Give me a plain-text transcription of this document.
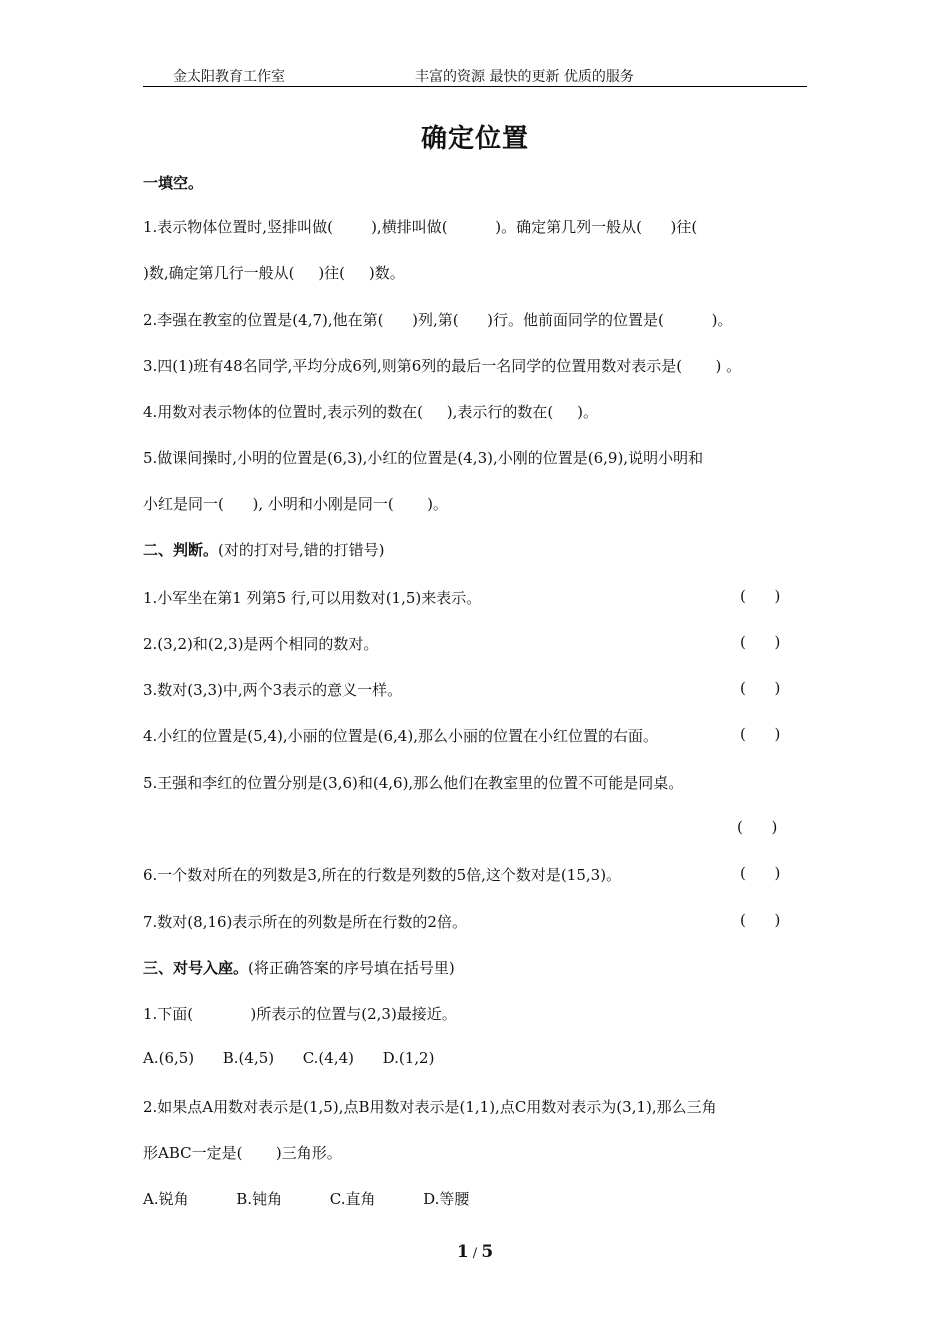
金太阳教育工作室	丰富的资源 最快的更新 优质的服务
确定位置
一填空。
1.表示物体位置时,竖排叫做(        ),横排叫做(          )。确定第几列一般从(      )往(
)数,确定第几行一般从(     )往(     )数。
2.李强在教室的位置是(4,7),他在第(      )列,第(      )行。他前面同学的位置是(          )。
3.四(1)班有48名同学,平均分成6列,则第6列的最后一名同学的位置用数对表示是(       ) 。
4.用数对表示物体的位置时,表示列的数在(     ),表示行的数在(     )。
5.做课间操时,小明的位置是(6,3),小红的位置是(4,3),小刚的位置是(6,9),说明小明和
小红是同一(      ), 小明和小刚是同一(       )。
二、判断。(对的打对号,错的打错号)
1.小军坐在第1 列第5 行,可以用数对(1,5)来表示。	(      )
2.(3,2)和(2,3)是两个相同的数对。	(      )
3.数对(3,3)中,两个3表示的意义一样。	(      )
4.小红的位置是(5,4),小丽的位置是(6,4),那么小丽的位置在小红位置的右面。	(      )
5.王强和李红的位置分别是(3,6)和(4,6),那么他们在教室里的位置不可能是同桌。
(      )
6.一个数对所在的列数是3,所在的行数是列数的5倍,这个数对是(15,3)。	(      )
7.数对(8,16)表示所在的列数是所在行数的2倍。	(      )
三、对号入座。(将正确答案的序号填在括号里)
1.下面(            )所表示的位置与(2,3)最接近。
A.(6,5)      B.(4,5)      C.(4,4)      D.(1,2)
2.如果点A用数对表示是(1,5),点B用数对表示是(1,1),点C用数对表示为(3,1),那么三角
形ABC一定是(       )三角形。
A.锐角          B.钝角          C.直角          D.等腰
1 / 5
